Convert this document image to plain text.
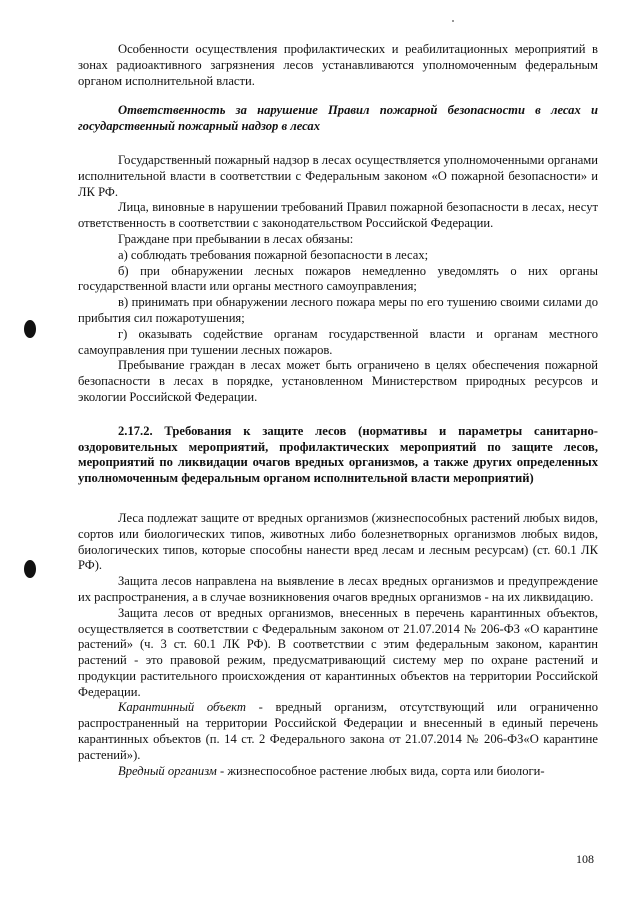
Особенности осуществления профилактических и реабилитационных мероприятий в зонах радиоактивного загрязнения лесов устанавливаются уполномоченным федеральным органом исполнительной власти.

Ответственность за нарушение Правил пожарной безопасности в лесах и государственный пожарный надзор в лесах

Государственный пожарный надзор в лесах осуществляется уполномоченными органами исполнительной власти в соответствии с Федеральным законом «О пожарной безопасности» и ЛК РФ.

Лица, виновные в нарушении требований Правил пожарной безопасности в лесах, несут ответственность в соответствии с законодательством Российской Федерации.

Граждане при пребывании в лесах обязаны:

а) соблюдать требования пожарной безопасности в лесах;

б) при обнаружении лесных пожаров немедленно уведомлять о них органы государственной власти или органы местного самоуправления;

в) принимать при обнаружении лесного пожара меры по его тушению своими силами до прибытия сил пожаротушения;

г) оказывать содействие органам государственной власти и органам местного самоуправления при тушении лесных пожаров.

Пребывание граждан в лесах может быть ограничено в целях обеспечения пожарной безопасности в лесах в порядке, установленном Министерством природных ресурсов и экологии Российской Федерации.

2.17.2. Требования к защите лесов (нормативы и параметры санитарно-оздоровительных мероприятий, профилактических мероприятий по защите лесов, мероприятий по ликвидации очагов вредных организмов, а также других определенных уполномоченным федеральным органом исполнительной власти мероприятий)

Леса подлежат защите от вредных организмов (жизнеспособных растений любых видов, сортов или биологических типов, животных либо болезнетворных организмов любых видов, биологических типов, которые способны нанести вред лесам и лесным ресурсам) (ст. 60.1 ЛК РФ).

Защита лесов направлена на выявление в лесах вредных организмов и предупреждение их распространения, а в случае возникновения очагов вредных организмов - на их ликвидацию.

Защита лесов от вредных организмов, внесенных в перечень карантинных объектов, осуществляется в соответствии с Федеральным законом от 21.07.2014 № 206-ФЗ «О карантине растений» (ч. 3 ст. 60.1 ЛК РФ). В соответствии с этим федеральным законом, карантин растений - это правовой режим, предусматривающий систему мер по охране растений и продукции растительного происхождения от карантинных объектов на территории Российской Федерации.

Карантинный объект - вредный организм, отсутствующий или ограниченно распространенный на территории Российской Федерации и внесенный в единый перечень карантинных объектов (п. 14 ст. 2 Федерального закона от 21.07.2014 № 206-ФЗ«О карантине растений»).

Вредный организм - жизнеспособное растение любых вида, сорта или биологи-

108
